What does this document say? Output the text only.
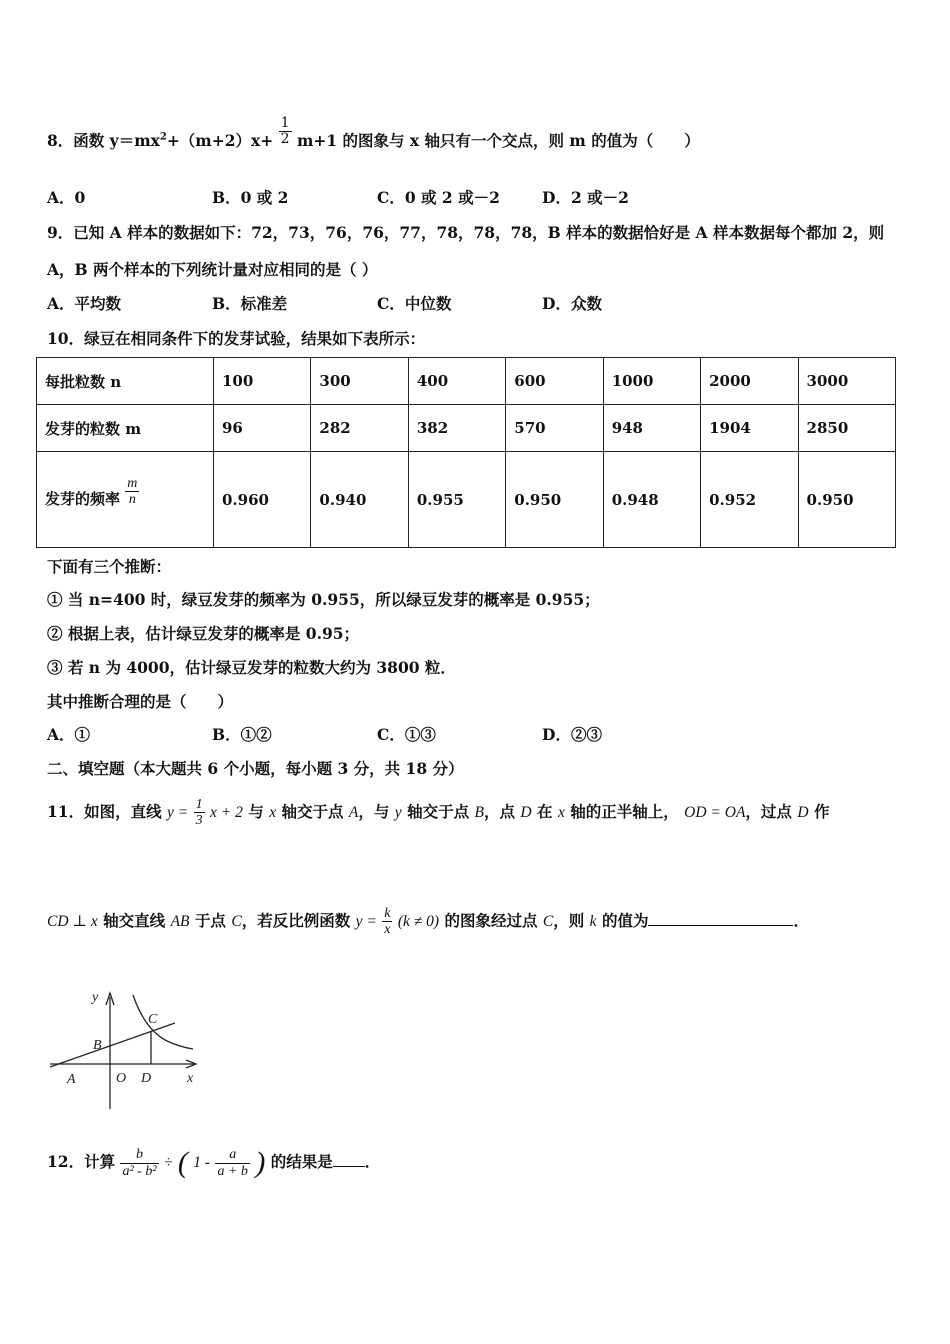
8．函数 $y=mx^2+(m+2)x+ \frac{1}{2} m+1$ 的图象与 x 轴只有一个交点，则 m 的值为（　　）
A．0	B．0 或 2	C．0 或 2 或－2	D．2 或－2
9．已知 A 样本的数据如下：72，73，76，76，77，78，78，78，B 样本的数据恰好是 A 样本数据每个都加 2，则
A，B 两个样本的下列统计量对应相同的是（ ）
A．平均数	B．标准差	C．中位数	D．众数
10．绿豆在相同条件下的发芽试验，结果如下表所示：
每批粒数 n	100	300	400	600	1000	2000	3000
发芽的粒数 m	96	282	382	570	948	1904	2850
发芽的频率 $\frac{m}{n}$	0.960	0.940	0.955	0.950	0.948	0.952	0.950
下面有三个推断：
① 当 n=400 时，绿豆发芽的频率为 0.955，所以绿豆发芽的概率是 0.955；
② 根据上表，估计绿豆发芽的概率是 0.95；
③ 若 n 为 4000，估计绿豆发芽的粒数大约为 3800 粒．
其中推断合理的是（　　）
A．①	B．①②	C．①③	D．②③
二、填空题（本大题共 6 个小题，每小题 3 分，共 18 分）
11．如图，直线 $y = \frac{1}{3}$ x + 2 与 x 轴交于点 A，与 y 轴交于点 B，点 D 在 x 轴的正半轴上， OD = OA，过点 D 作
CD ⊥ x 轴交直线 AB 于点 C，若反比例函数 $y = \frac{k}{x} (k \ne 0)$ 的图象经过点 C，则 k 的值为	．
y
C
B
A	O D	x
12．计算 $\frac{b}{\text{a² - b²}}$ ÷ ( $1 - \frac{a}{a + b}$ ) 的结果是 ．
